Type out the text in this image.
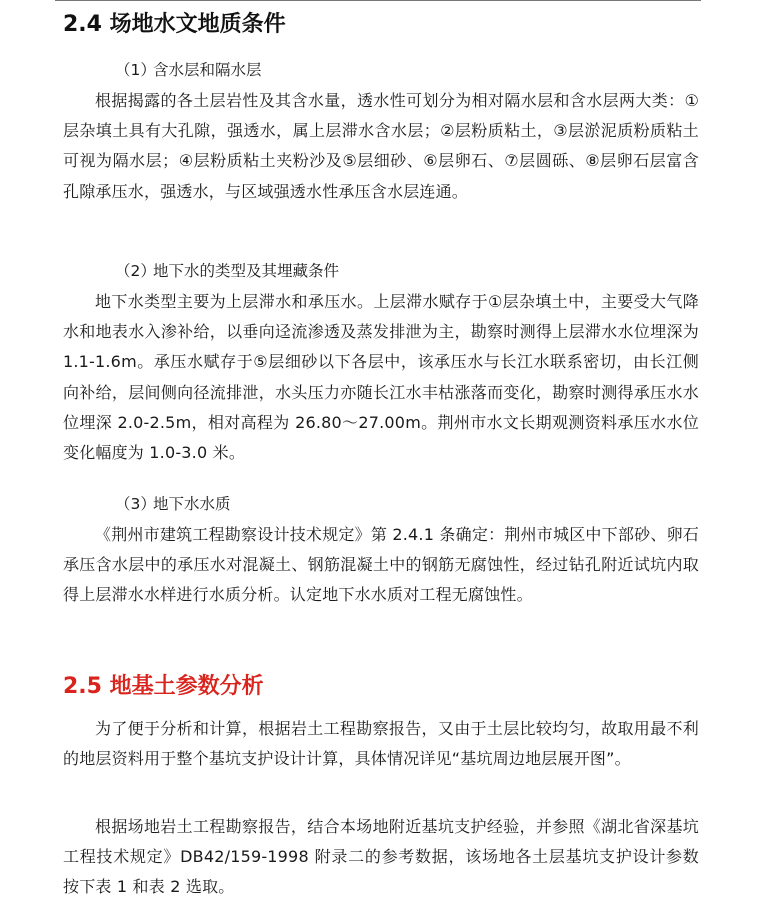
2.4 场地水文地质条件
（1）含水层和隔水层

根据揭露的各土层岩性及其含水量，透水性可划分为相对隔水层和含水层两大类：①层杂填土具有大孔隙，强透水，属上层滞水含水层；②层粉质粘土，③层淤泥质粉质粘土可视为隔水层；④层粉质粘土夹粉沙及⑤层细砂、⑥层卵石、⑦层圆砾、⑧层卵石层富含孔隙承压水，强透水，与区域强透水性承压含水层连通。

（2）地下水的类型及其埋藏条件

地下水类型主要为上层滞水和承压水。上层滞水赋存于①层杂填土中，主要受大气降水和地表水入渗补给，以垂向迳流渗透及蒸发排泄为主，勘察时测得上层滞水水位埋深为 1.1-1.6m。承压水赋存于⑤层细砂以下各层中，该承压水与长江水联系密切，由长江侧向补给，层间侧向径流排泄，水头压力亦随长江水丰枯涨落而变化，勘察时测得承压水水位埋深 2.0-2.5m，相对高程为 26.80～27.00m。荆州市水文长期观测资料承压水水位变化幅度为 1.0-3.0 米。

（3）地下水水质

《荆州市建筑工程勘察设计技术规定》第 2.4.1 条确定：荆州市城区中下部砂、卵石承压含水层中的承压水对混凝土、钢筋混凝土中的钢筋无腐蚀性，经过钻孔附近试坑内取得上层滞水水样进行水质分析。认定地下水水质对工程无腐蚀性。

2.5 地基土参数分析

为了便于分析和计算，根据岩土工程勘察报告，又由于土层比较均匀，故取用最不利的地层资料用于整个基坑支护设计计算，具体情况详见“基坑周边地层展开图”。

根据场地岩土工程勘察报告，结合本场地附近基坑支护经验，并参照《湖北省深基坑工程技术规定》DB42/159-1998 附录二的参考数据，该场地各土层基坑支护设计参数按下表 1 和表 2 选取。
